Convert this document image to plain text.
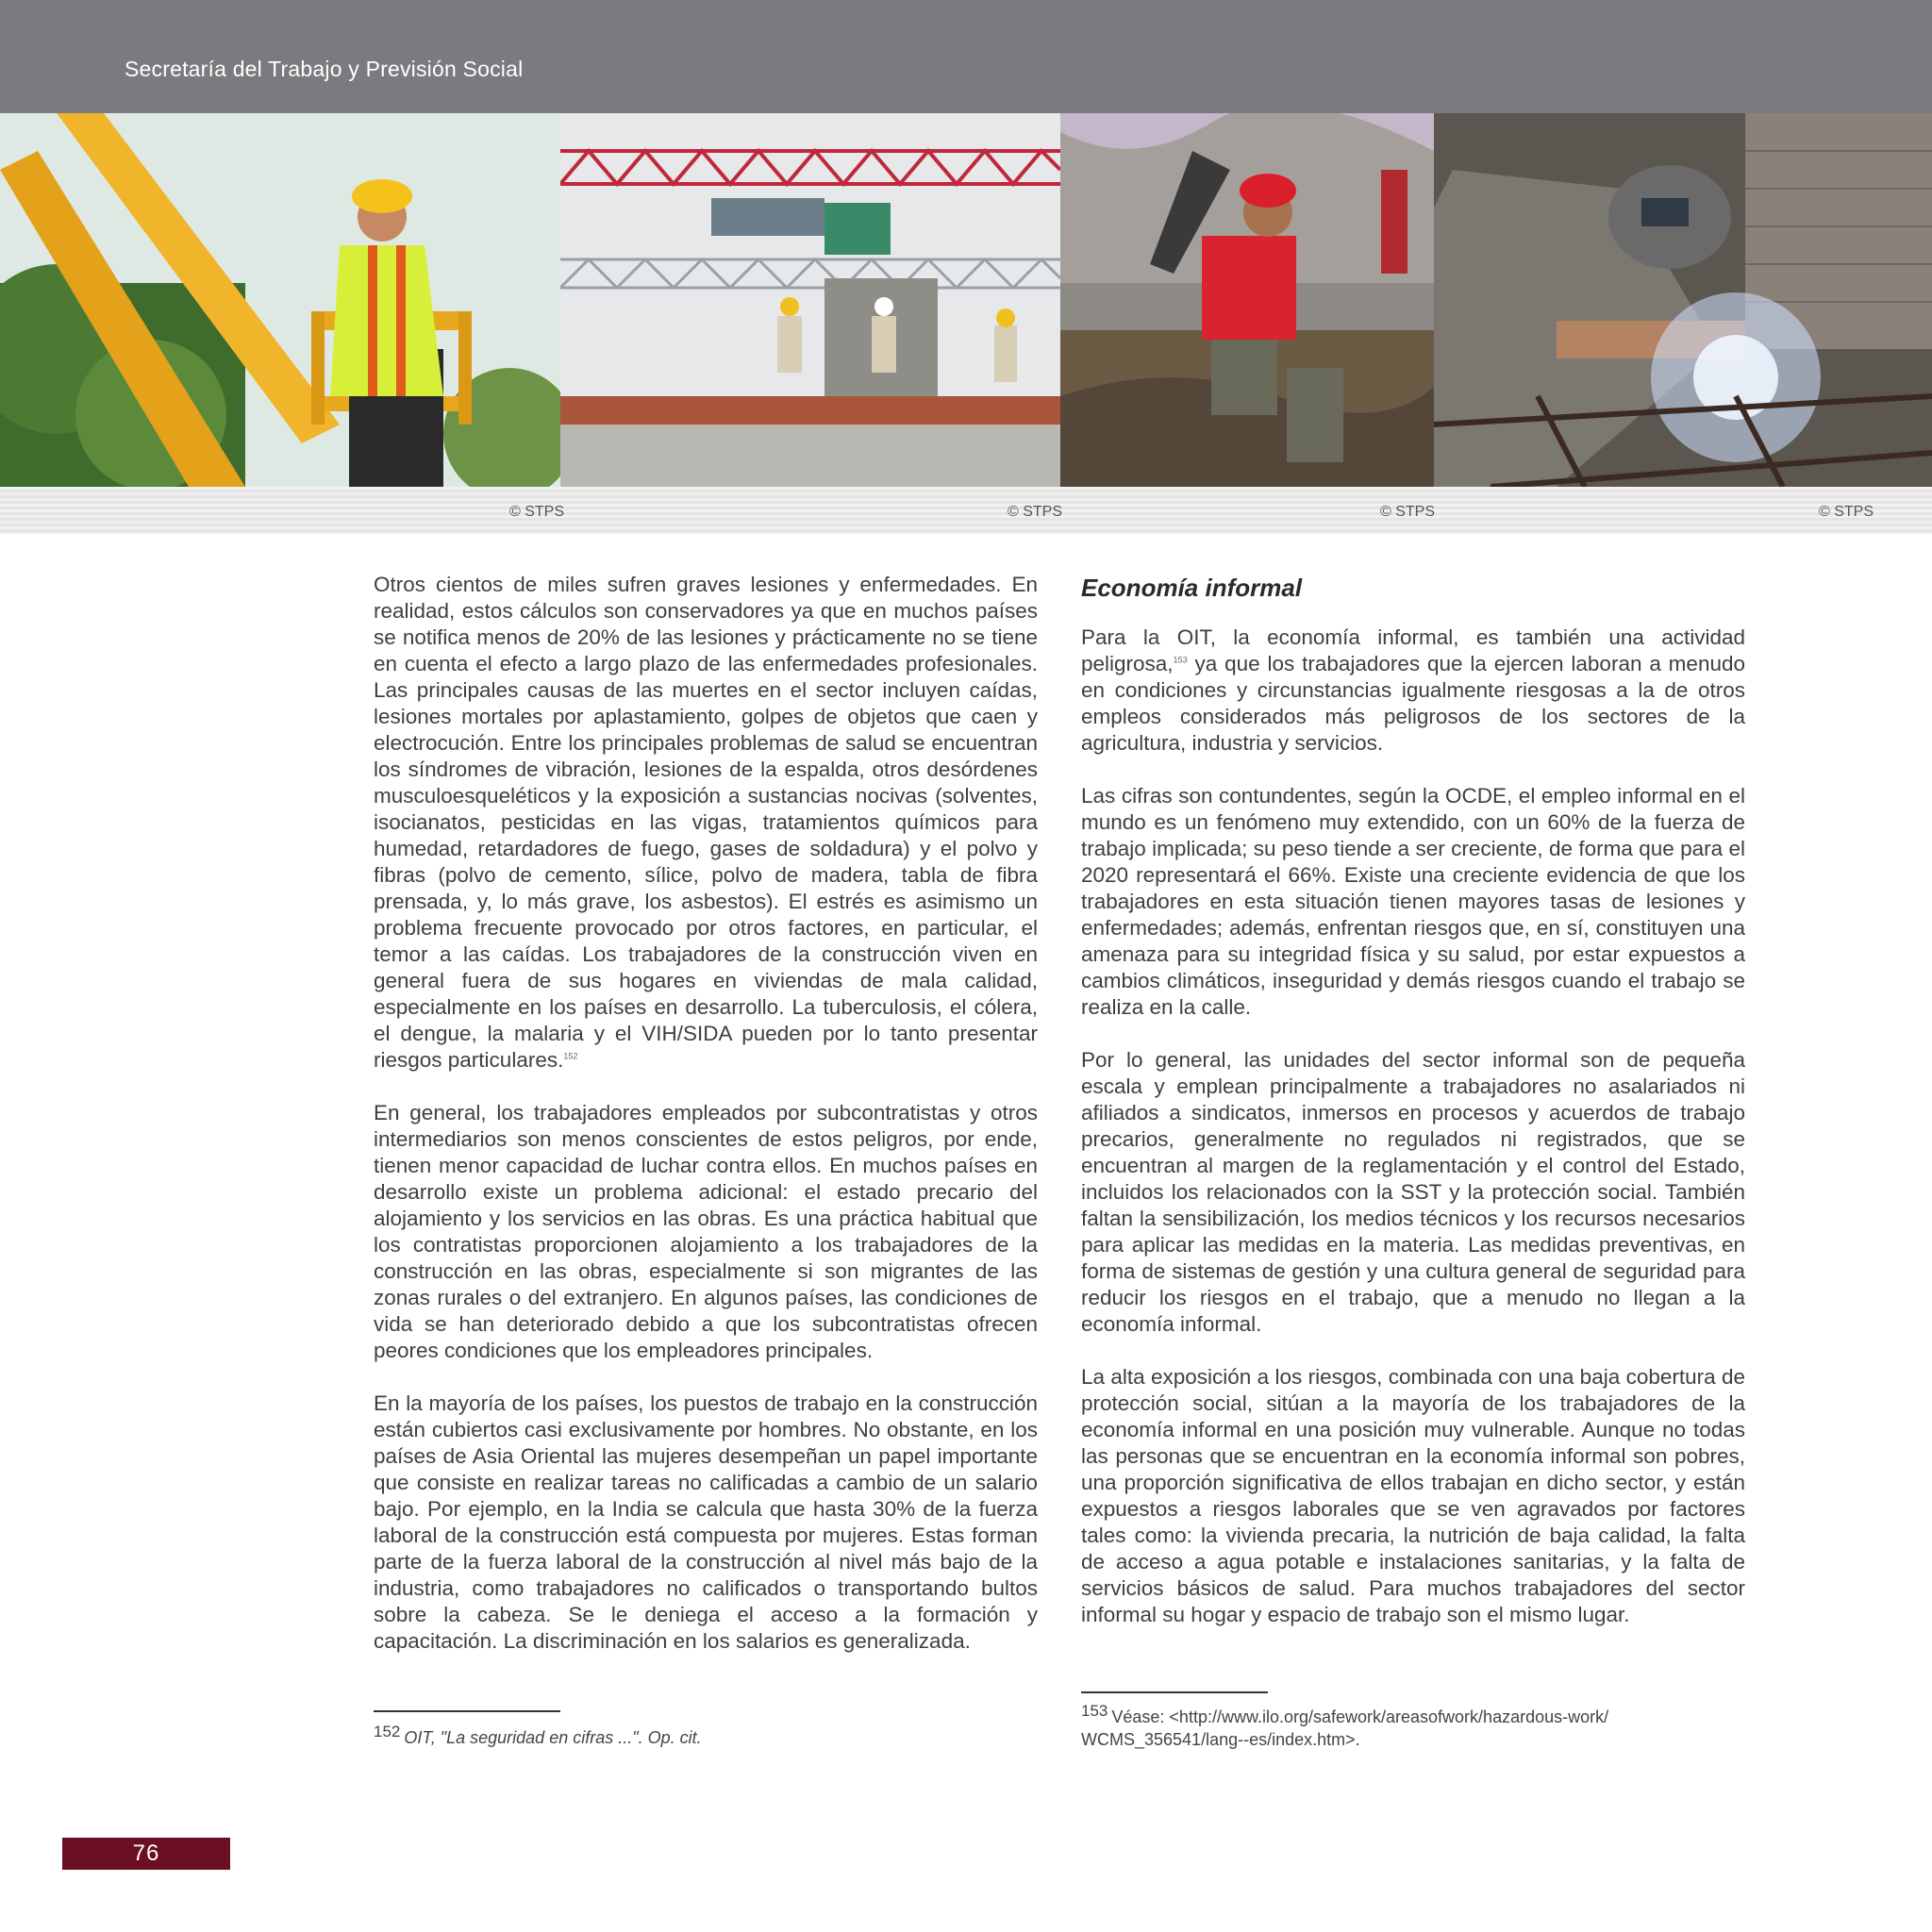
Secretaría del Trabajo y Previsión Social
© STPS	© STPS	© STPS	© STPS

Otros cientos de miles sufren graves lesiones y enfermedades. En realidad, estos cálculos son conservadores ya que en muchos países se notifica menos de 20% de las lesiones y prácticamente no se tiene en cuenta el efecto a largo plazo de las enfermedades profesionales. Las principales causas de las muertes en el sector incluyen caídas, lesiones mortales por aplastamiento, golpes de objetos que caen y electrocución. Entre los principales problemas de salud se encuentran los síndromes de vibración, lesiones de la espalda, otros desórdenes musculoesqueléticos y la exposición a sustancias nocivas (solventes, isocianatos, pesticidas en las vigas, tratamientos químicos para humedad, retardadores de fuego, gases de soldadura) y el polvo y fibras (polvo de cemento, sílice, polvo de madera, tabla de fibra prensada, y, lo más grave, los asbestos). El estrés es asimismo un problema frecuente provocado por otros factores, en particular, el temor a las caídas. Los trabajadores de la construcción viven en general fuera de sus hogares en viviendas de mala calidad, especialmente en los países en desarrollo. La tuberculosis, el cólera, el dengue, la malaria y el VIH/SIDA pueden por lo tanto presentar riesgos particulares.$^{152}$

En general, los trabajadores empleados por subcontratistas y otros intermediarios son menos conscientes de estos peligros, por ende, tienen menor capacidad de luchar contra ellos. En muchos países en desarrollo existe un problema adicional: el estado precario del alojamiento y los servicios en las obras. Es una práctica habitual que los contratistas proporcionen alojamiento a los trabajadores de la construcción en las obras, especialmente si son migrantes de las zonas rurales o del extranjero. En algunos países, las condiciones de vida se han deteriorado debido a que los subcontratistas ofrecen peores condiciones que los empleadores principales.

En la mayoría de los países, los puestos de trabajo en la construcción están cubiertos casi exclusivamente por hombres. No obstante, en los países de Asia Oriental las mujeres desempeñan un papel importante que consiste en realizar tareas no calificadas a cambio de un salario bajo. Por ejemplo, en la India se calcula que hasta 30% de la fuerza laboral de la construcción está compuesta por mujeres. Estas forman parte de la fuerza laboral de la construcción al nivel más bajo de la industria, como trabajadores no calificados o transportando bultos sobre la cabeza. Se le deniega el acceso a la formación y capacitación. La discriminación en los salarios es generalizada.

Economía informal

Para la OIT, la economía informal, es también una actividad peligrosa,$^{153}$ ya que los trabajadores que la ejercen laboran a menudo en condiciones y circunstancias igualmente riesgosas a la de otros empleos considerados más peligrosos de los sectores de la agricultura, industria y servicios.

Las cifras son contundentes, según la OCDE, el empleo informal en el mundo es un fenómeno muy extendido, con un 60% de la fuerza de trabajo implicada; su peso tiende a ser creciente, de forma que para el 2020 representará el 66%. Existe una creciente evidencia de que los trabajadores en esta situación tienen mayores tasas de lesiones y enfermedades; además, enfrentan riesgos que, en sí, constituyen una amenaza para su integridad física y su salud, por estar expuestos a cambios climáticos, inseguridad y demás riesgos cuando el trabajo se realiza en la calle.

Por lo general, las unidades del sector informal son de pequeña escala y emplean principalmente a trabajadores no asalariados ni afiliados a sindicatos, inmersos en procesos y acuerdos de trabajo precarios, generalmente no regulados ni registrados, que se encuentran al margen de la reglamentación y el control del Estado, incluidos los relacionados con la SST y la protección social. También faltan la sensibilización, los medios técnicos y los recursos necesarios para aplicar las medidas en la materia. Las medidas preventivas, en forma de sistemas de gestión y una cultura general de seguridad para reducir los riesgos en el trabajo, que a menudo no llegan a la economía informal.

La alta exposición a los riesgos, combinada con una baja cobertura de protección social, sitúan a la mayoría de los trabajadores de la economía informal en una posición muy vulnerable. Aunque no todas las personas que se encuentran en la economía informal son pobres, una proporción significativa de ellos trabajan en dicho sector, y están expuestos a riesgos laborales que se ven agravados por factores tales como: la vivienda precaria, la nutrición de baja calidad, la falta de acceso a agua potable e instalaciones sanitarias, y la falta de servicios básicos de salud. Para muchos trabajadores del sector informal su hogar y espacio de trabajo son el mismo lugar.

152 OIT, "La seguridad en cifras ...". Op. cit.
153 Véase: <http://www.ilo.org/safework/areasofwork/hazardous-work/ WCMS_356541/lang--es/index.htm>.
76
